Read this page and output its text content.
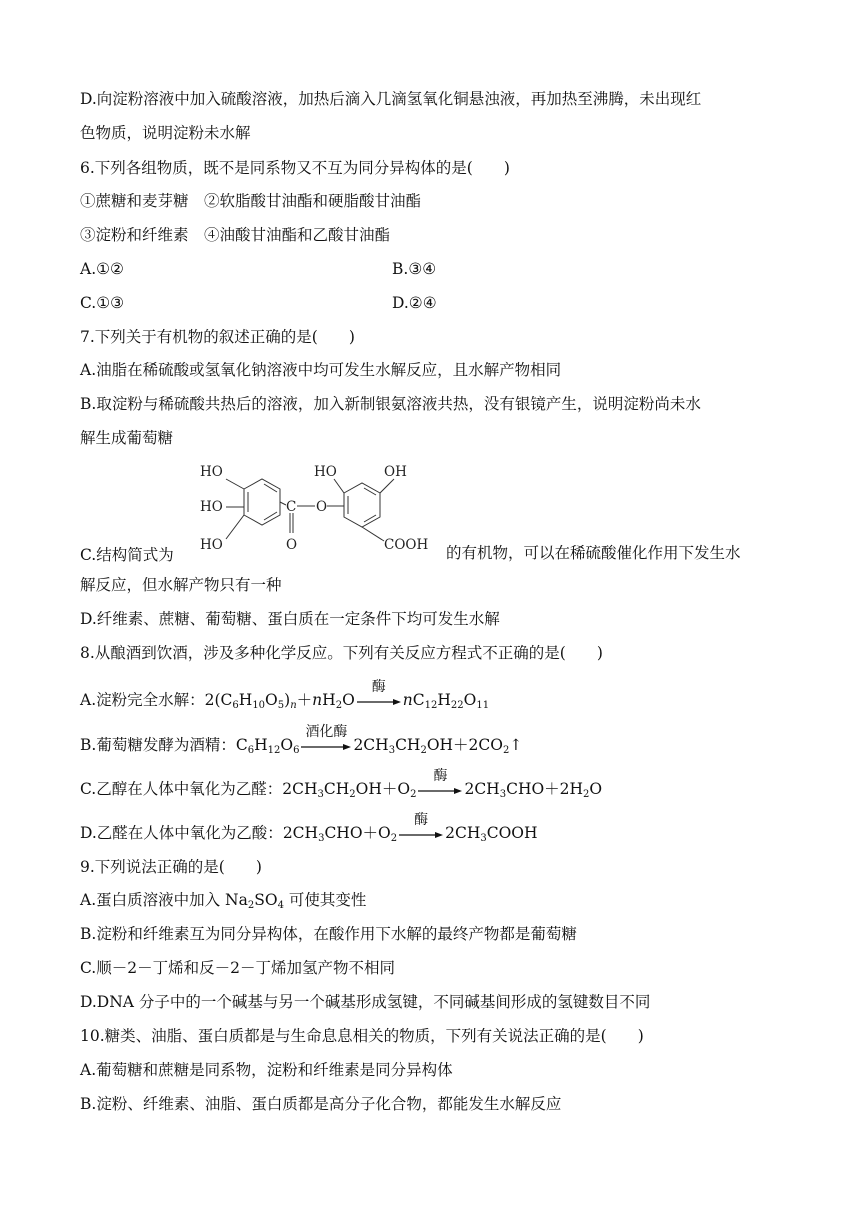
D.向淀粉溶液中加入硫酸溶液，加热后滴入几滴氢氧化铜悬浊液，再加热至沸腾，未出现红
色物质，说明淀粉未水解
6.下列各组物质，既不是同系物又不互为同分异构体的是(　　)
①蔗糖和麦芽糖　②软脂酸甘油酯和硬脂酸甘油酯
③淀粉和纤维素　④油酸甘油酯和乙酸甘油酯
A.①②	B.③④
C.①③	D.②④
7.下列关于有机物的叙述正确的是(　　)
A.油脂在稀硫酸或氢氧化钠溶液中均可发生水解反应，且水解产物相同
B.取淀粉与稀硫酸共热后的溶液，加入新制银氨溶液共热，没有银镜产生，说明淀粉尚未水
解生成葡萄糖
HO
HO
HO
HO	OH
C O
O	COOH
C.结构简式为	的有机物，可以在稀硫酸催化作用下发生水
解反应，但水解产物只有一种
D.纤维素、蔗糖、葡萄糖、蛋白质在一定条件下均可发生水解
8.从酿酒到饮酒，涉及多种化学反应。下列有关反应方程式不正确的是(　　)
A.淀粉完全水解：$2(C_6H_{10}O_5)_n+nH_2O$
酶
$nC_{12}H_{22}O_{11}$
B.葡萄糖发酵为酒精：$C_6H_{12}O_6$
酒化酶
$2CH_3CH_2OH+2CO_2↑$
C.乙醇在人体中氧化为乙醛：$2CH_3CH_2OH+O_2$
酶
$2CH_3CHO+2H_2O$
D.乙醛在人体中氧化为乙酸：$2CH_3CHO+O_2$
酶
$2CH_3COOH$
9.下列说法正确的是(　　)
A.蛋白质溶液中加入 $Na_2SO_4$ 可使其变性
B.淀粉和纤维素互为同分异构体，在酸作用下水解的最终产物都是葡萄糖
C.顺－2－丁烯和反－2－丁烯加氢产物不相同
D.DNA 分子中的一个碱基与另一个碱基形成氢键，不同碱基间形成的氢键数目不同
10.糖类、油脂、蛋白质都是与生命息息相关的物质，下列有关说法正确的是(　　)
A.葡萄糖和蔗糖是同系物，淀粉和纤维素是同分异构体
B.淀粉、纤维素、油脂、蛋白质都是高分子化合物，都能发生水解反应
